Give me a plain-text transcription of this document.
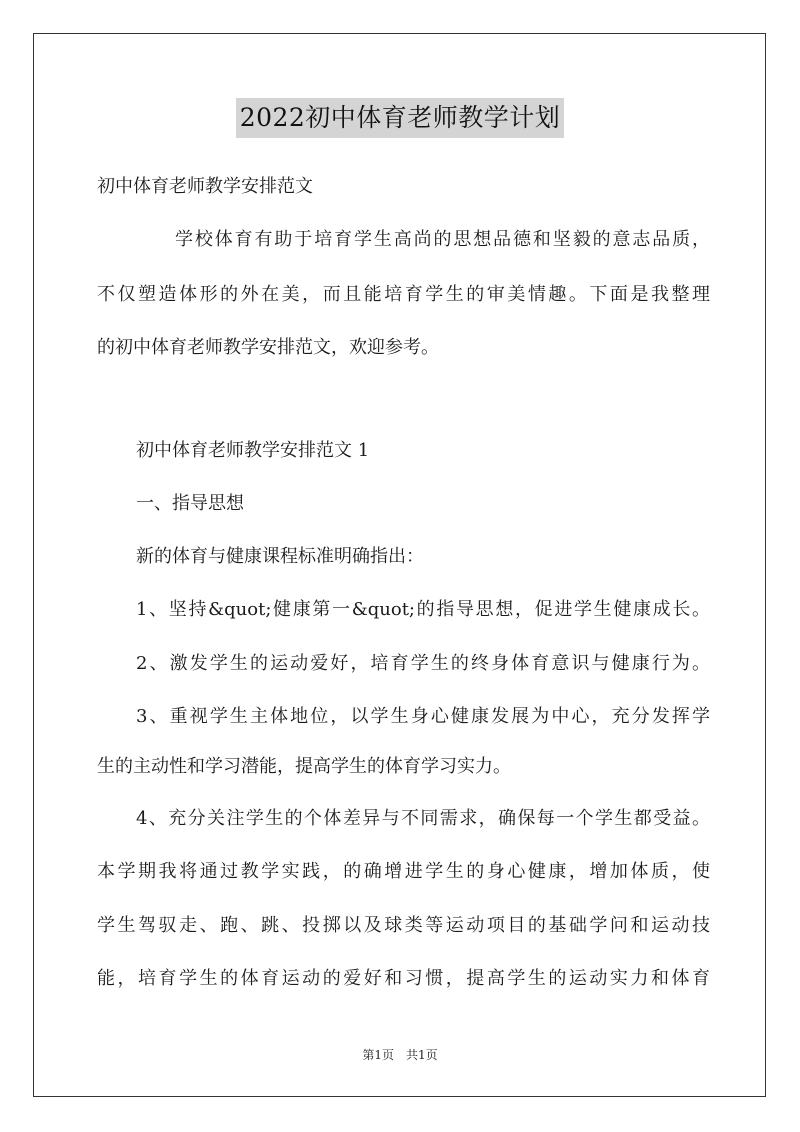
2022初中体育老师教学计划
初中体育老师教学安排范文
学校体育有助于培育学生高尚的思想品德和坚毅的意志品质，
不仅塑造体形的外在美，而且能培育学生的审美情趣。下面是我整理
的初中体育老师教学安排范文，欢迎参考。
初中体育老师教学安排范文 1
一、指导思想
新的体育与健康课程标准明确指出：
1、坚持&quot;健康第一&quot;的指导思想，促进学生健康成长。
2、激发学生的运动爱好，培育学生的终身体育意识与健康行为。
3、重视学生主体地位，以学生身心健康发展为中心，充分发挥学
生的主动性和学习潜能，提高学生的体育学习实力。
4、充分关注学生的个体差异与不同需求，确保每一个学生都受益。
本学期我将通过教学实践，的确增进学生的身心健康，增加体质，使
学生驾驭走、跑、跳、投掷以及球类等运动项目的基础学问和运动技
能，培育学生的体育运动的爱好和习惯，提高学生的运动实力和体育
第1页　共1页
